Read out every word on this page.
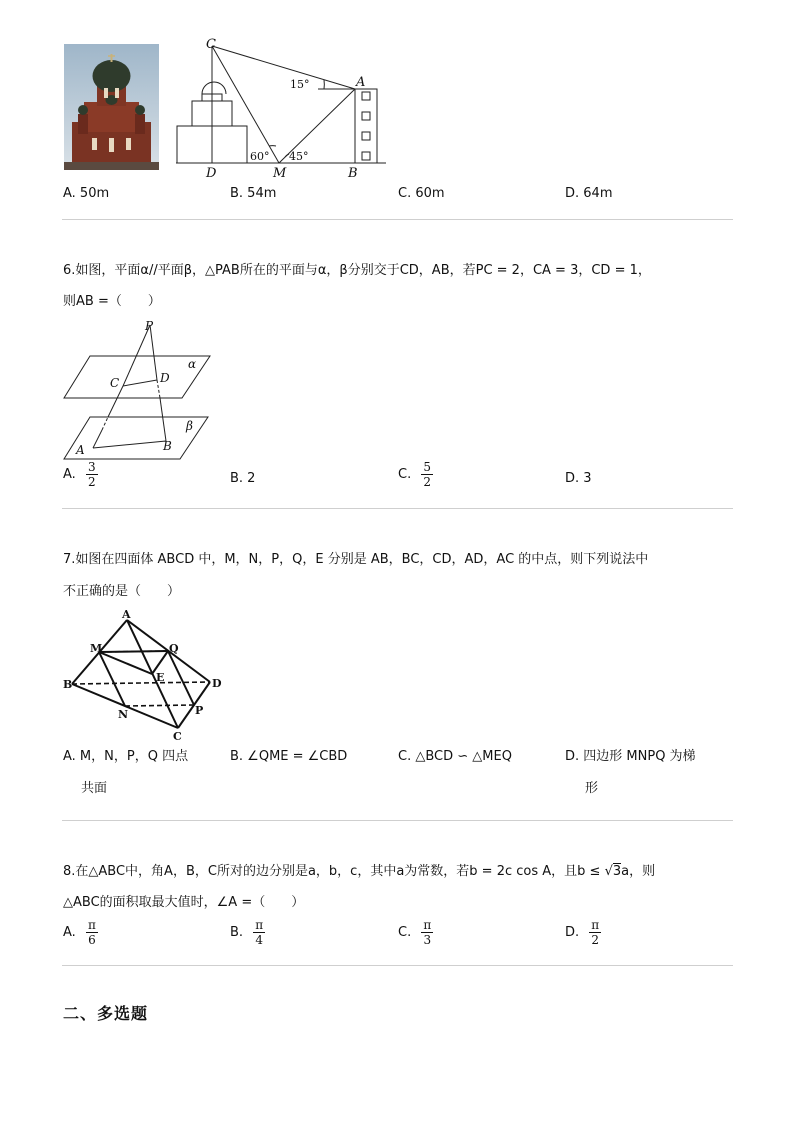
C
A
D	M	B
15°
60° 45°
A. 50m	B. 54m	C. 60m	D. 64m
6.如图，平面α//平面β，△PAB所在的平面与α，β分别交于CD，AB，若PC = 2，CA = 3，CD = 1，
则AB =（　　）
P
C	D
α
β
A	B
A. $\frac{3}{2}$	B. 2	C. $\frac{5}{2}$	D. 3
7.如图在四面体 ABCD 中，M，N，P，Q，E 分别是 AB，BC，CD，AD，AC 的中点，则下列说法中
不正确的是（　　）
A
M	Q
B
E	D
N	P
C
A. M，N，P，Q 四点
共面
B. ∠QME = ∠CBD	C. △BCD ∽ △MEQ	D. 四边形 MNPQ 为梯
形
8.在△ABC中，角A，B，C所对的边分别是a，b，c，其中a为常数，若b = 2c cos A，且b ≤ √3a，则
△ABC的面积取最大值时，∠A =（　　）
A. $\frac{\pi}{6}$	B. $\frac{\pi}{4}$	C. $\frac{\pi}{3}$	D. $\frac{\pi}{2}$
二、多选题
